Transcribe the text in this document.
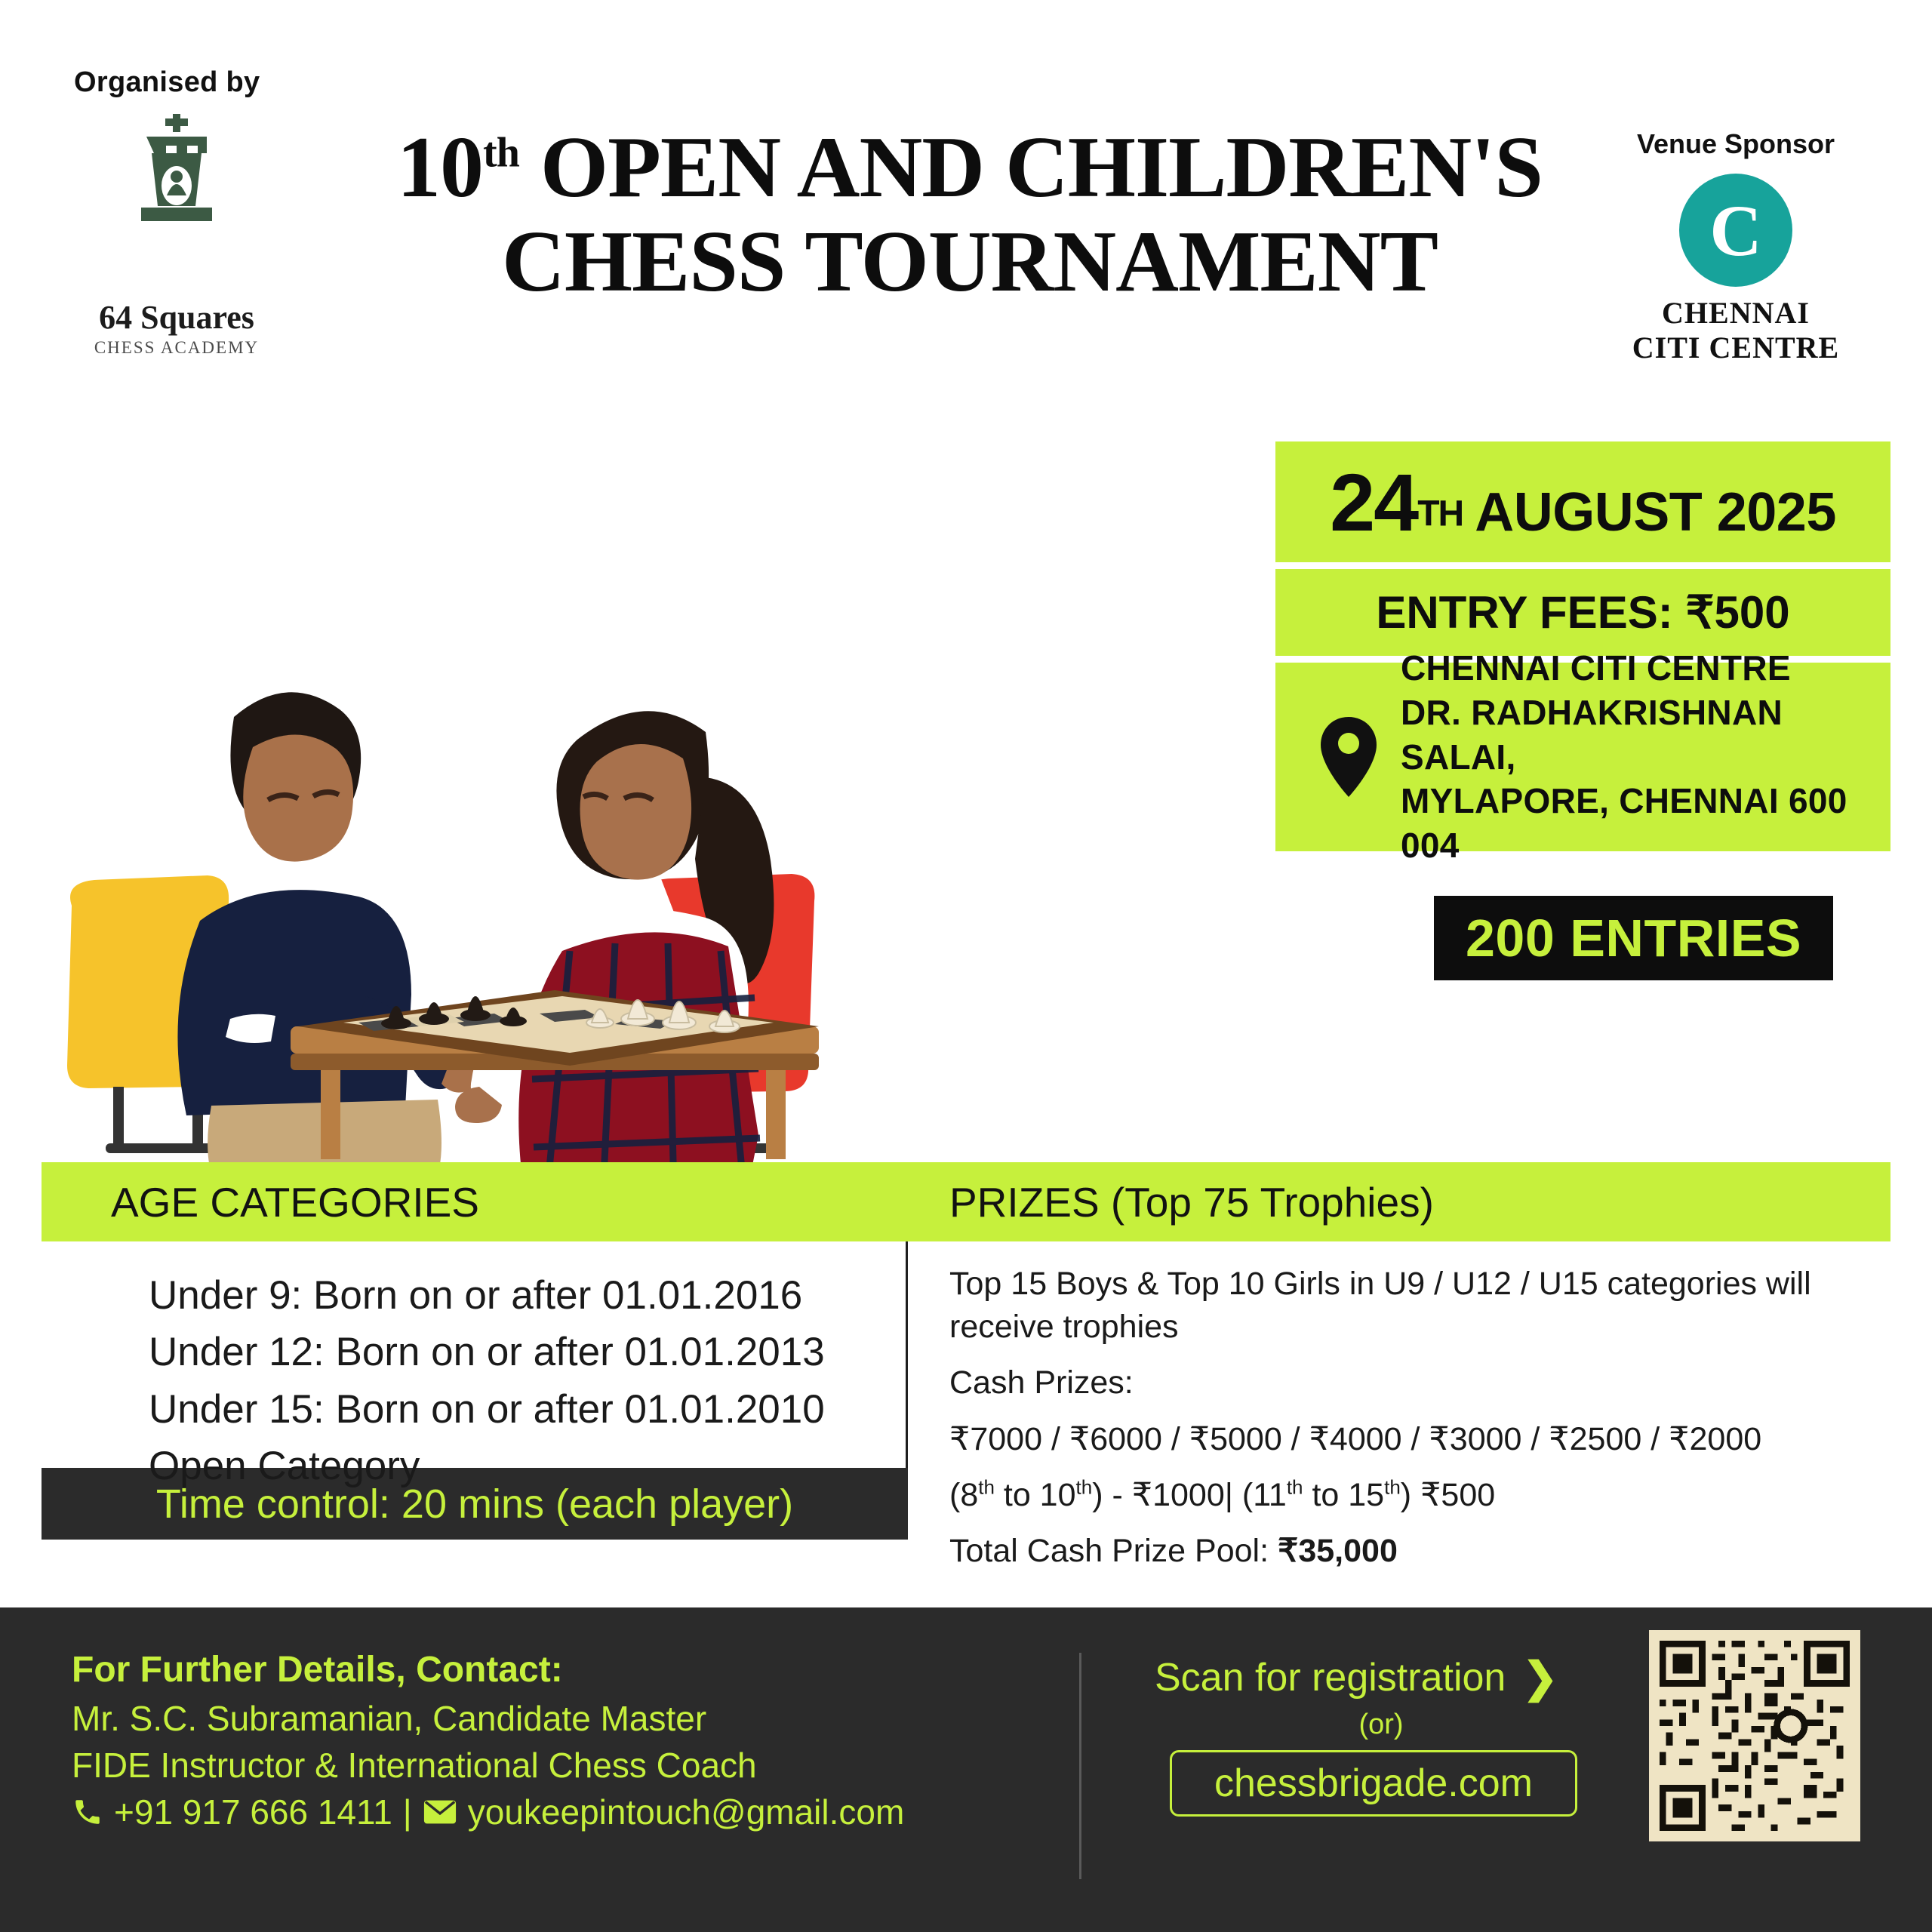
Organised by
64 Squares
CHESS ACADEMY
10th OPEN AND CHILDREN'S
CHESS TOURNAMENT
Venue Sponsor
C
CHENNAI
CITI CENTRE
24TH AUGUST 2025
ENTRY FEES: ₹500
CHENNAI CITI CENTRE
DR. RADHAKRISHNAN SALAI,
MYLAPORE, CHENNAI 600 004
200 ENTRIES
AGE CATEGORIES	PRIZES (Top 75 Trophies)
Under 9: Born on or after 01.01.2016
Under 12: Born on or after 01.01.2013
Under 15: Born on or after 01.01.2010
Open Category
Time control: 20 mins (each player)

Top 15 Boys & Top 10 Girls in U9 / U12 / U15 categories will receive trophies

Cash Prizes:

₹7000 / ₹6000 / ₹5000 / ₹4000 / ₹3000 / ₹2500 / ₹2000

(8th to 10th) - ₹1000| (11th to 15th) ₹500

Total Cash Prize Pool: ₹35,000

For Further Details, Contact:
Mr. S.C. Subramanian, Candidate Master
FIDE Instructor & International Chess Coach
+91 917 666 1411 | youkeepintouch@gmail.com
Scan for registration ❯
(or)
chessbrigade.com
